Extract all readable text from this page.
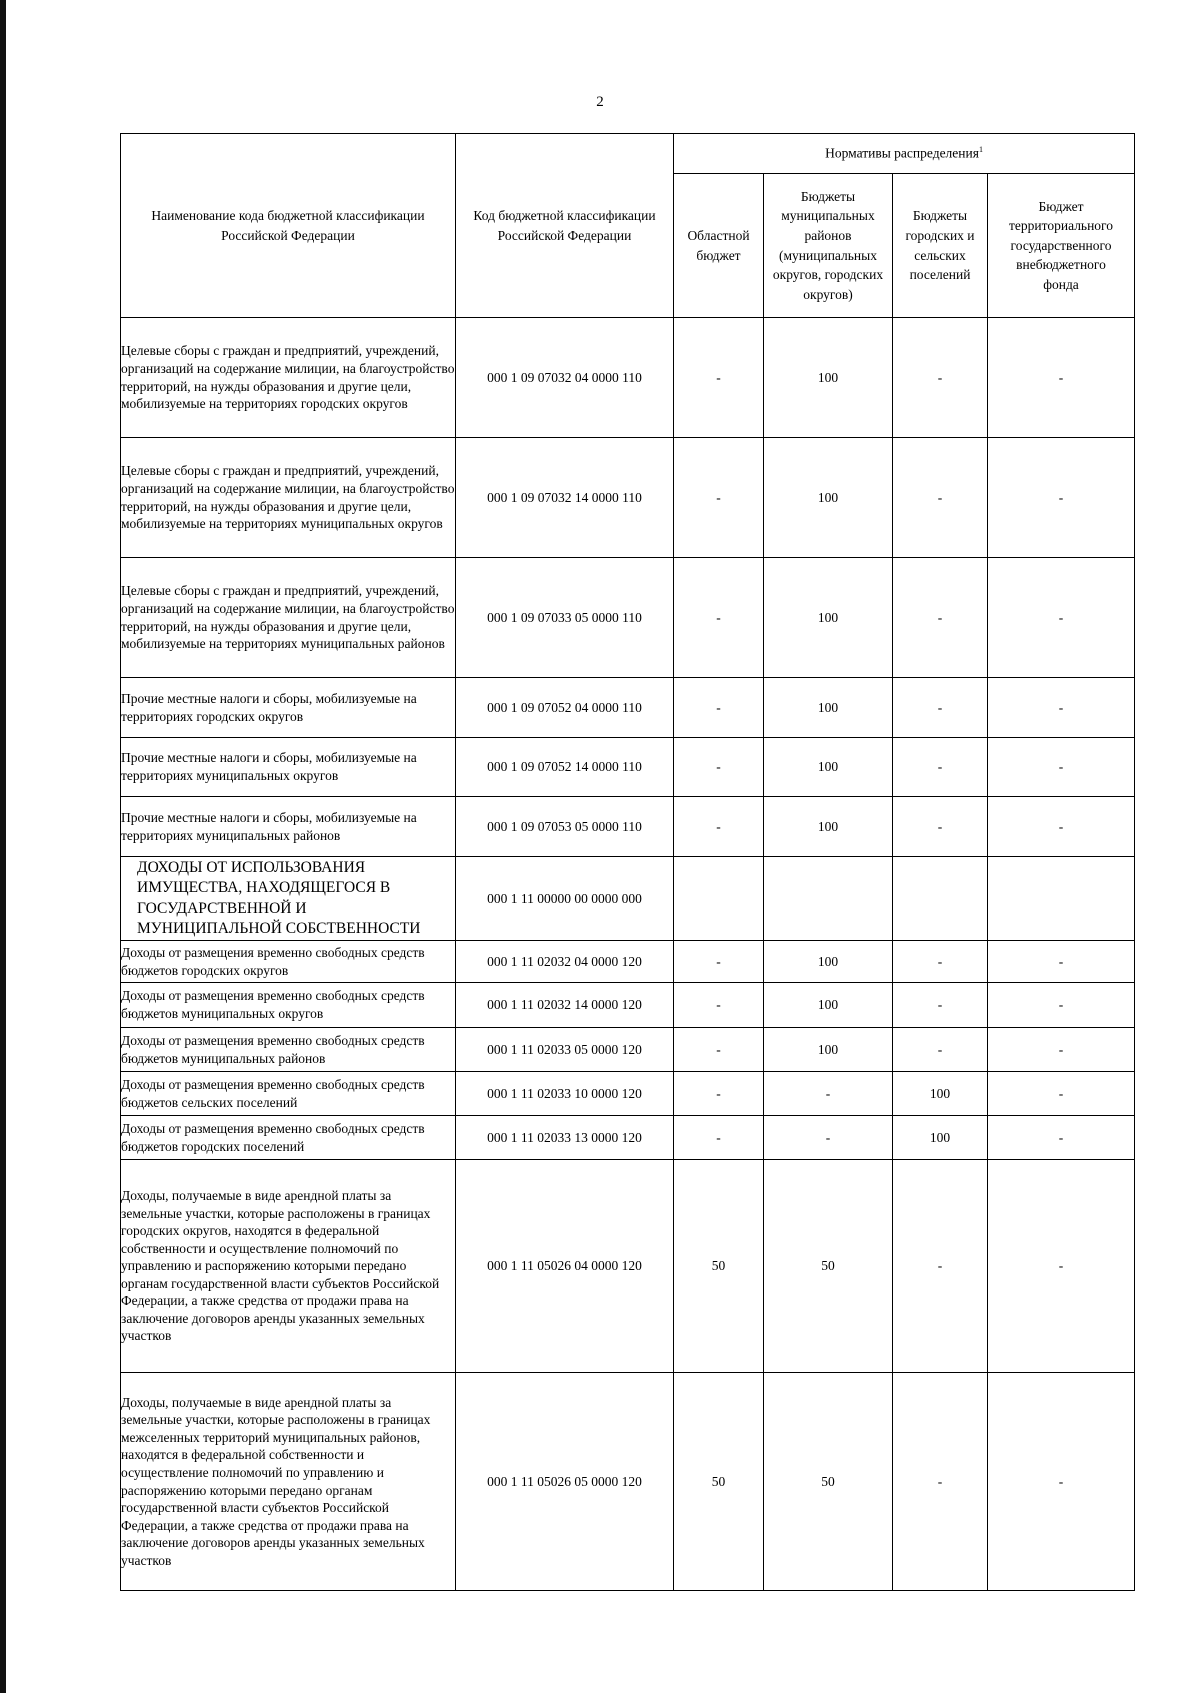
2
Наименование кода бюджетной классификации Российской Федерации	Код бюджетной классификации Российской Федерации	Нормативы распределения$^1$
		Областной бюджет	Бюджеты муниципальных районов (муниципальных округов, городских округов)	Бюджеты городских и сельских поселений	Бюджет территориального государственного внебюджетного фонда
Целевые сборы с граждан и предприятий, учреждений, организаций на содержание милиции, на благоустройство территорий, на нужды образования и другие цели, мобилизуемые на территориях городских округов	000 1 09 07032 04 0000 110	-	100	-	-
Целевые сборы с граждан и предприятий, учреждений, организаций на содержание милиции, на благоустройство территорий, на нужды образования и другие цели, мобилизуемые на территориях муниципальных округов	000 1 09 07032 14 0000 110	-	100	-	-
Целевые сборы с граждан и предприятий, учреждений, организаций на содержание милиции, на благоустройство территорий, на нужды образования и другие цели, мобилизуемые на территориях муниципальных районов	000 1 09 07033 05 0000 110	-	100	-	-
Прочие местные налоги и сборы, мобилизуемые на территориях городских округов	000 1 09 07052 04 0000 110	-	100	-	-
Прочие местные налоги и сборы, мобилизуемые на территориях муниципальных округов	000 1 09 07052 14 0000 110	-	100	-	-
Прочие местные налоги и сборы, мобилизуемые на территориях муниципальных районов	000 1 09 07053 05 0000 110	-	100	-	-
ДОХОДЫ ОТ ИСПОЛЬЗОВАНИЯ ИМУЩЕСТВА, НАХОДЯЩЕГОСЯ В ГОСУДАРСТВЕННОЙ И МУНИЦИПАЛЬНОЙ СОБСТВЕННОСТИ	000 1 11 00000 00 0000 000				
Доходы от размещения временно свободных средств бюджетов городских округов	000 1 11 02032 04 0000 120	-	100	-	-
Доходы от размещения временно свободных средств бюджетов муниципальных округов	000 1 11 02032 14 0000 120	-	100	-	-
Доходы от размещения временно свободных средств бюджетов муниципальных районов	000 1 11 02033 05 0000 120	-	100	-	-
Доходы от размещения временно свободных средств бюджетов сельских поселений	000 1 11 02033 10 0000 120	-	-	100	-
Доходы от размещения временно свободных средств бюджетов городских поселений	000 1 11 02033 13 0000 120	-	-	100	-
Доходы, получаемые в виде арендной платы за земельные участки, которые расположены в границах городских округов, находятся в федеральной собственности и осуществление полномочий по управлению и распоряжению которыми передано органам государственной власти субъектов Российской Федерации, а также средства от продажи права на заключение договоров аренды указанных земельных участков	000 1 11 05026 04 0000 120	50	50	-	-
Доходы, получаемые в виде арендной платы за земельные участки, которые расположены в границах межселенных территорий муниципальных районов, находятся в федеральной собственности и осуществление полномочий по управлению и распоряжению которыми передано органам государственной власти субъектов Российской Федерации, а также средства от продажи права на заключение договоров аренды указанных земельных участков	000 1 11 05026 05 0000 120	50	50	-	-
